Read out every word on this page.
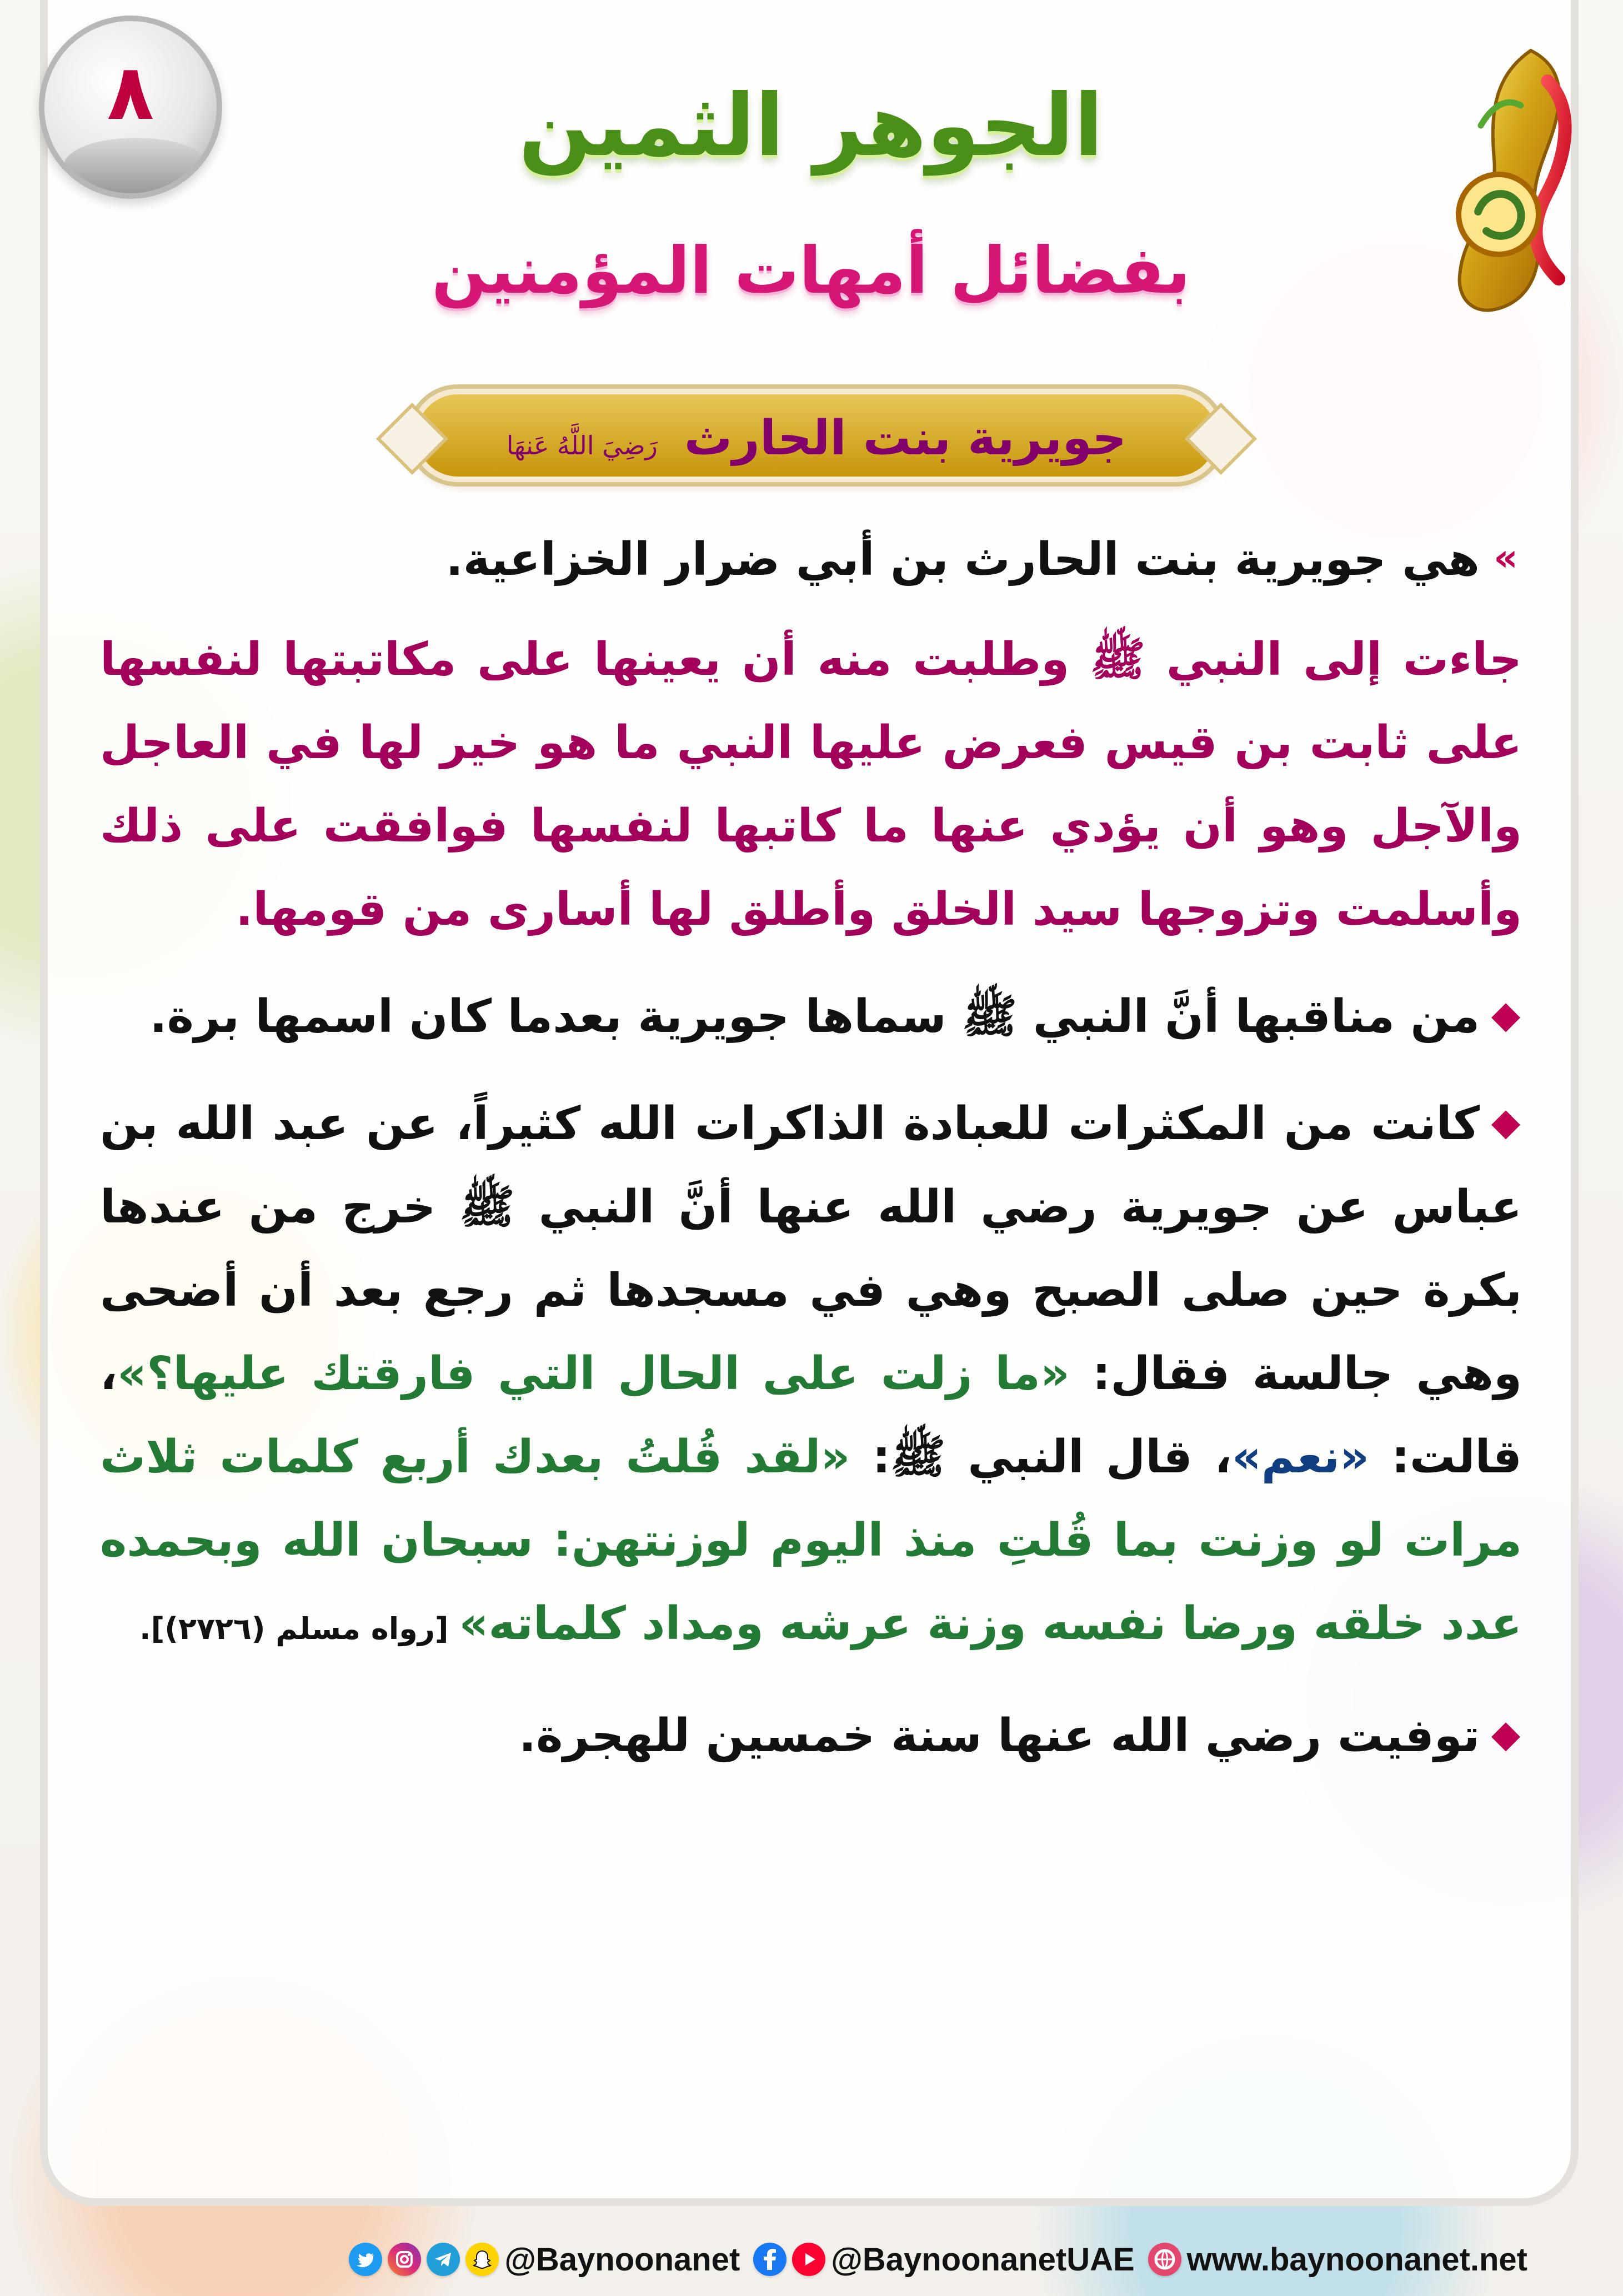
٨	الجوهر الثمين
بفضائل أمهات المؤمنين
جويرية بنت الحارث رَضِيَ اللَّهُ عَنهَا

»هي جويرية بنت الحارث بن أبي ضرار الخزاعية.

جاءت إلى النبي ﷺ وطلبت منه أن يعينها على مكاتبتها لنفسها على ثابت بن قيس فعرض عليها النبي ما هو خير لها في العاجل والآجل وهو أن يؤدي عنها ما كاتبها لنفسها فوافقت على ذلك وأسلمت وتزوجها سيد الخلق وأطلق لها أسارى من قومها.

◆من مناقبها أنَّ النبي ﷺ سماها جويرية بعدما كان اسمها برة.

◆كانت من المكثرات للعبادة الذاكرات الله كثيراً، عن عبد الله بن عباس عن جويرية رضي الله عنها أنَّ النبي ﷺ خرج من عندها بكرة حين صلى الصبح وهي في مسجدها ثم رجع بعد أن أضحى وهي جالسة فقال: «ما زلت على الحال التي فارقتك عليها؟»، قالت: «نعم»، قال النبي ﷺ: «لقد قُلتُ بعدك أربع كلمات ثلاث مرات لو وزنت بما قُلتِ منذ اليوم لوزنتهن: سبحان الله وبحمده عدد خلقه ورضا نفسه وزنة عرشه ومداد كلماته» [رواه مسلم (٢٧٢٦)].

◆توفيت رضي الله عنها سنة خمسين للهجرة.

www.baynoonanet.net
@BaynoonanetUAE
@Baynoonanet
